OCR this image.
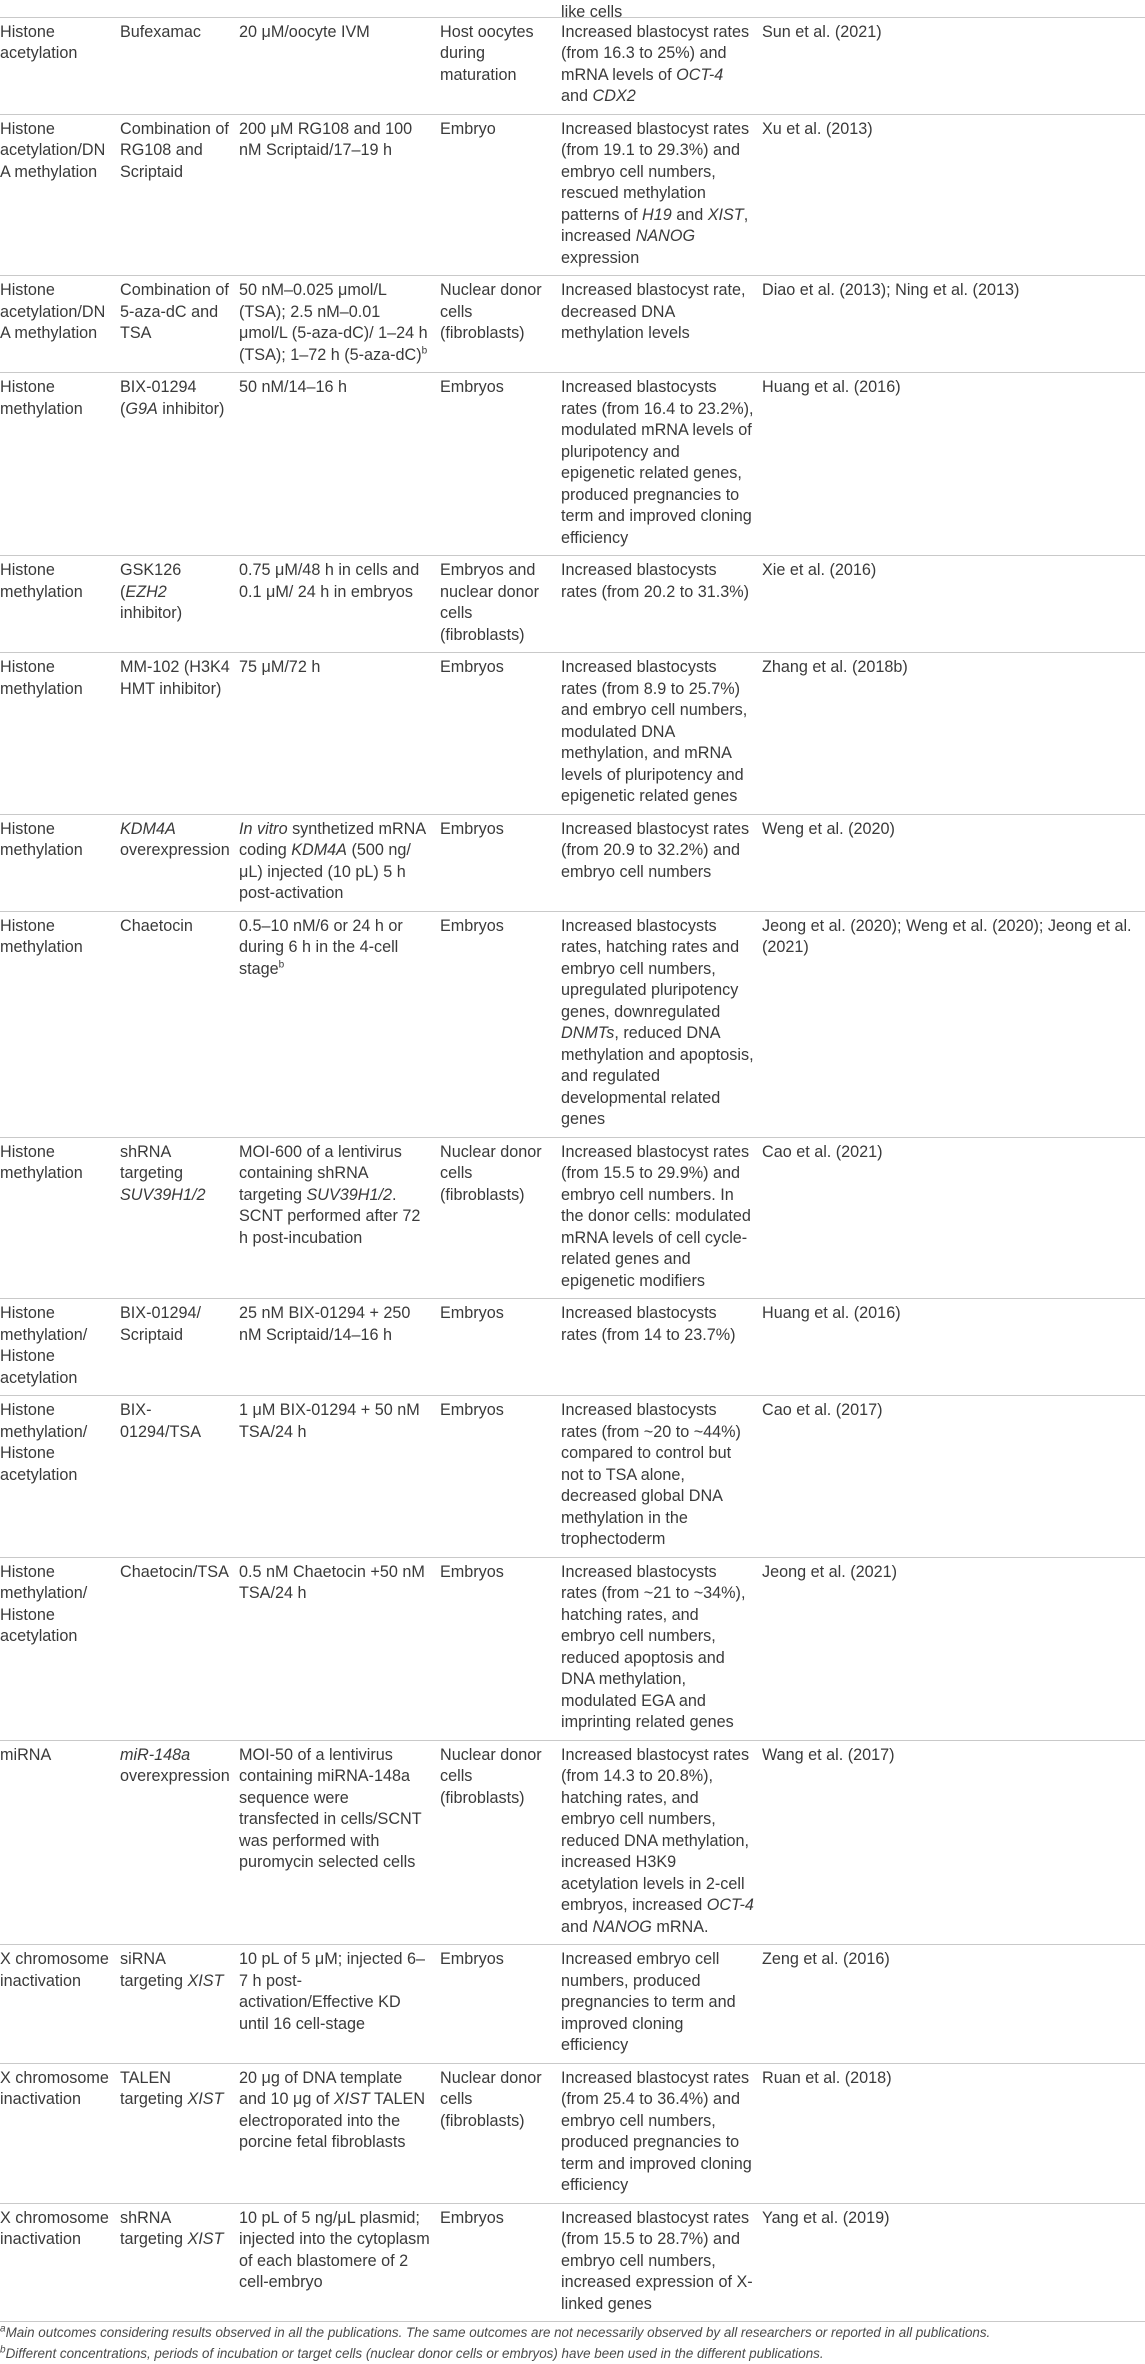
				like cells	
Histone acetylation	Bufexamac	20 μM/oocyte IVM	Host oocytes during maturation	Increased blastocyst rates (from 16.3 to 25%) and mRNA levels of OCT-4 and CDX2	Sun et al. (2021)
Histone acetylation/DNA methylation	Combination of RG108 and Scriptaid	200 μM RG108 and 100 nM Scriptaid/17–19 h	Embryo	Increased blastocyst rates (from 19.1 to 29.3%) and embryo cell numbers, rescued methylation patterns of H19 and XIST, increased NANOG expression	Xu et al. (2013)
Histone acetylation/DNA methylation	Combination of 5-aza-dC and TSA	50 nM–0.025 μmol/L (TSA); 2.5 nM–0.01 μmol/L (5-aza-dC)/ 1–24 h (TSA); 1–72 h $(5-aza-dC)^b$	Nuclear donor cells (fibroblasts)	Increased blastocyst rate, decreased DNA methylation levels	Diao et al. (2013); Ning et al. (2013)
Histone methylation	BIX-01294 (G9A inhibitor)	50 nM/14–16 h	Embryos	Increased blastocysts rates (from 16.4 to 23.2%), modulated mRNA levels of pluripotency and epigenetic related genes, produced pregnancies to term and improved cloning efficiency	Huang et al. (2016)
Histone methylation	GSK126 (EZH2 inhibitor)	0.75 μM/48 h in cells and 0.1 μM/ 24 h in embryos	Embryos and nuclear donor cells (fibroblasts)	Increased blastocysts rates (from 20.2 to 31.3%)	Xie et al. (2016)
Histone methylation	MM-102 (H3K4 HMT inhibitor)	75 μM/72 h	Embryos	Increased blastocysts rates (from 8.9 to 25.7%) and embryo cell numbers, modulated DNA methylation, and mRNA levels of pluripotency and epigenetic related genes	Zhang et al. (2018b)
Histone methylation	KDM4A overexpression	In vitro synthetized mRNA coding KDM4A (500 ng/μL) injected (10 pL) 5 h post-activation	Embryos	Increased blastocyst rates (from 20.9 to 32.2%) and embryo cell numbers	Weng et al. (2020)
Histone methylation	Chaetocin	0.5–10 nM/6 or 24 h or during 6 h in the 4-cell stage$^b$	Embryos	Increased blastocysts rates, hatching rates and embryo cell numbers, upregulated pluripotency genes, downregulated DNMTs, reduced DNA methylation and apoptosis, and regulated developmental related genes	Jeong et al. (2020); Weng et al. (2020); Jeong et al. (2021)
Histone methylation	shRNA targeting SUV39H1/2	MOI-600 of a lentivirus containing shRNA targeting SUV39H1/2. SCNT performed after 72 h post-incubation	Nuclear donor cells (fibroblasts)	Increased blastocyst rates (from 15.5 to 29.9%) and embryo cell numbers. In the donor cells: modulated mRNA levels of cell cycle-related genes and epigenetic modifiers	Cao et al. (2021)
Histone methylation/ Histone acetylation	BIX-01294/ Scriptaid	25 nM BIX-01294 + 250 nM Scriptaid/14–16 h	Embryos	Increased blastocysts rates (from 14 to 23.7%)	Huang et al. (2016)
Histone methylation/ Histone acetylation	BIX-01294/TSA	1 μM BIX-01294 + 50 nM TSA/24 h	Embryos	Increased blastocysts rates (from ~20 to ~44%) compared to control but not to TSA alone, decreased global DNA methylation in the trophectoderm	Cao et al. (2017)
Histone methylation/ Histone acetylation	Chaetocin/TSA	0.5 nM Chaetocin +50 nM TSA/24 h	Embryos	Increased blastocysts rates (from ~21 to ~34%), hatching rates, and embryo cell numbers, reduced apoptosis and DNA methylation, modulated EGA and imprinting related genes	Jeong et al. (2021)
miRNA	miR-148a overexpression	MOI-50 of a lentivirus containing miRNA-148a sequence were transfected in cells/SCNT was performed with puromycin selected cells	Nuclear donor cells (fibroblasts)	Increased blastocyst rates (from 14.3 to 20.8%), hatching rates, and embryo cell numbers, reduced DNA methylation, increased H3K9 acetylation levels in 2-cell embryos, increased OCT-4 and NANOG mRNA.	Wang et al. (2017)
X chromosome inactivation	siRNA targeting XIST	10 pL of 5 μM; injected 6–7 h post-activation/Effective KD until 16 cell-stage	Embryos	Increased embryo cell numbers, produced pregnancies to term and improved cloning efficiency	Zeng et al. (2016)
X chromosome inactivation	TALEN targeting XIST	20 μg of DNA template and 10 μg of XIST TALEN electroporated into the porcine fetal fibroblasts	Nuclear donor cells (fibroblasts)	Increased blastocyst rates (from 25.4 to 36.4%) and embryo cell numbers, produced pregnancies to term and improved cloning efficiency	Ruan et al. (2018)
X chromosome inactivation	shRNA targeting XIST	10 pL of 5 ng/μL plasmid; injected into the cytoplasm of each blastomere of 2 cell-embryo	Embryos	Increased blastocyst rates (from 15.5 to 28.7%) and embryo cell numbers, increased expression of X-linked genes	Yang et al. (2019)
$^a$Main outcomes considering results observed in all the publications. The same outcomes are not necessarily observed by all researchers or reported in all publications.
$^b$Different concentrations, periods of incubation or target cells (nuclear donor cells or embryos) have been used in the different publications.
